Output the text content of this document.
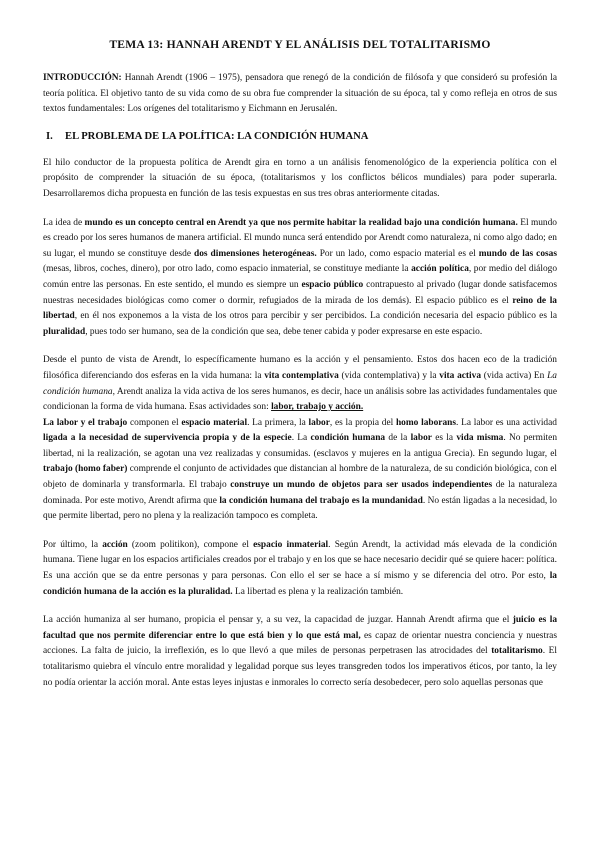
TEMA 13: HANNAH ARENDT Y EL ANÁLISIS DEL TOTALITARISMO

INTRODUCCIÓN: Hannah Arendt (1906 – 1975), pensadora que renegó de la condición de filósofa y que consideró su profesión la teoría política. El objetivo tanto de su vida como de su obra fue comprender la situación de su época, tal y como refleja en otros de sus textos fundamentales: Los orígenes del totalitarismo y Eichmann en Jerusalén.

I. EL PROBLEMA DE LA POLÍTICA: LA CONDICIÓN HUMANA

El hilo conductor de la propuesta política de Arendt gira en torno a un análisis fenomenológico de la experiencia política con el propósito de comprender la situación de su época, (totalitarismos y los conflictos bélicos mundiales) para poder superarla. Desarrollaremos dicha propuesta en función de las tesis expuestas en sus tres obras anteriormente citadas.

La idea de mundo es un concepto central en Arendt ya que nos permite habitar la realidad bajo una condición humana. El mundo es creado por los seres humanos de manera artificial. El mundo nunca será entendido por Arendt como naturaleza, ni como algo dado; en su lugar, el mundo se constituye desde dos dimensiones heterogéneas. Por un lado, como espacio material es el mundo de las cosas (mesas, libros, coches, dinero), por otro lado, como espacio inmaterial, se constituye mediante la acción política, por medio del diálogo común entre las personas. En este sentido, el mundo es siempre un espacio público contrapuesto al privado (lugar donde satisfacemos nuestras necesidades biológicas como comer o dormir, refugiados de la mirada de los demás). El espacio público es el reino de la libertad, en él nos exponemos a la vista de los otros para percibir y ser percibidos. La condición necesaria del espacio público es la pluralidad, pues todo ser humano, sea de la condición que sea, debe tener cabida y poder expresarse en este espacio.

Desde el punto de vista de Arendt, lo específicamente humano es la acción y el pensamiento. Estos dos hacen eco de la tradición filosófica diferenciando dos esferas en la vida humana: la vita contemplativa (vida contemplativa) y la vita activa (vida activa) En La condición humana, Arendt analiza la vida activa de los seres humanos, es decir, hace un análisis sobre las actividades fundamentales que condicionan la forma de vida humana. Esas actividades son: labor, trabajo y acción.

La labor y el trabajo componen el espacio material. La primera, la labor, es la propia del homo laborans. La labor es una actividad ligada a la necesidad de supervivencia propia y de la especie. La condición humana de la labor es la vida misma. No permiten libertad, ni la realización, se agotan una vez realizadas y consumidas. (esclavos y mujeres en la antigua Grecia). En segundo lugar, el trabajo (homo faber) comprende el conjunto de actividades que distancian al hombre de la naturaleza, de su condición biológica, con el objeto de dominarla y transformarla. El trabajo construye un mundo de objetos para ser usados independientes de la naturaleza dominada. Por este motivo, Arendt afirma que la condición humana del trabajo es la mundanidad. No están ligadas a la necesidad, lo que permite libertad, pero no plena y la realización tampoco es completa.

Por último, la acción (zoom politikon), compone el espacio inmaterial. Según Arendt, la actividad más elevada de la condición humana. Tiene lugar en los espacios artificiales creados por el trabajo y en los que se hace necesario decidir qué se quiere hacer: política. Es una acción que se da entre personas y para personas. Con ello el ser se hace a sí mismo y se diferencia del otro. Por esto, la condición humana de la acción es la pluralidad. La libertad es plena y la realización también.

La acción humaniza al ser humano, propicia el pensar y, a su vez, la capacidad de juzgar. Hannah Arendt afirma que el juicio es la facultad que nos permite diferenciar entre lo que está bien y lo que está mal, es capaz de orientar nuestra conciencia y nuestras acciones. La falta de juicio, la irreflexión, es lo que llevó a que miles de personas perpetrasen las atrocidades del totalitarismo. El totalitarismo quiebra el vínculo entre moralidad y legalidad porque sus leyes transgreden todos los imperativos éticos, por tanto, la ley no podía orientar la acción moral. Ante estas leyes injustas e inmorales lo correcto sería desobedecer, pero solo aquellas personas que
